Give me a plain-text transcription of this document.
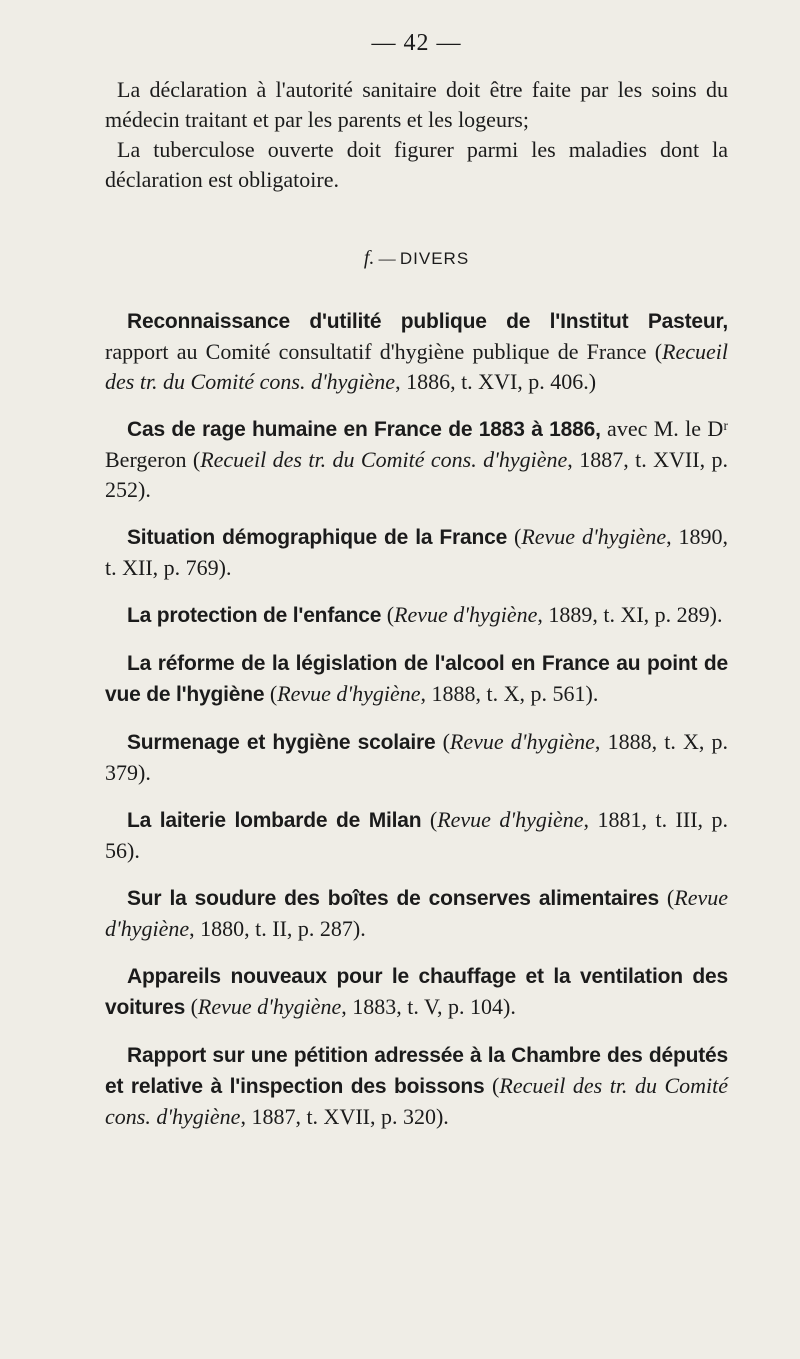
— 42 —

La déclaration à l'autorité sanitaire doit être faite par les soins du médecin traitant et par les parents et les logeurs;

La tuberculose ouverte doit figurer parmi les maladies dont la déclaration est obligatoire.

f. — DIVERS

Reconnaissance d'utilité publique de l'Institut Pasteur, rapport au Comité consultatif d'hygiène publique de France (Recueil des tr. du Comité cons. d'hygiène, 1886, t. XVI, p. 406.)

Cas de rage humaine en France de 1883 à 1886, avec M. le Dʳ Bergeron (Recueil des tr. du Comité cons. d'hygiène, 1887, t. XVII, p. 252).

Situation démographique de la France (Revue d'hygiène, 1890, t. XII, p. 769).

La protection de l'enfance (Revue d'hygiène, 1889, t. XI, p. 289).

La réforme de la législation de l'alcool en France au point de vue de l'hygiène (Revue d'hygiène, 1888, t. X, p. 561).

Surmenage et hygiène scolaire (Revue d'hygiène, 1888, t. X, p. 379).

La laiterie lombarde de Milan (Revue d'hygiène, 1881, t. III, p. 56).

Sur la soudure des boîtes de conserves alimentaires (Revue d'hygiène, 1880, t. II, p. 287).

Appareils nouveaux pour le chauffage et la ventilation des voitures (Revue d'hygiène, 1883, t. V, p. 104).

Rapport sur une pétition adressée à la Chambre des députés et relative à l'inspection des boissons (Recueil des tr. du Comité cons. d'hygiène, 1887, t. XVII, p. 320).
